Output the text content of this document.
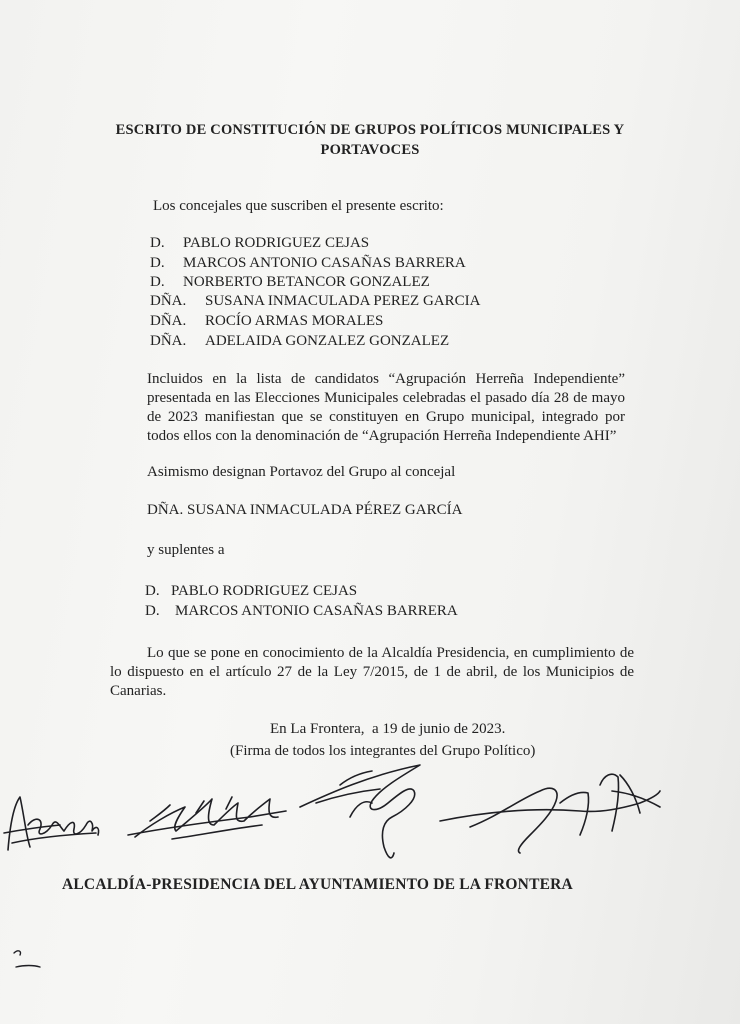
ESCRITO DE CONSTITUCIÓN DE GRUPOS POLÍTICOS MUNICIPALES Y
PORTAVOCES
Los concejales que suscriben el presente escrito:
D. PABLO RODRIGUEZ CEJAS
D. MARCOS ANTONIO CASAÑAS BARRERA
D. NORBERTO BETANCOR GONZALEZ
DÑA. SUSANA INMACULADA PEREZ GARCIA
DÑA. ROCÍO ARMAS MORALES
DÑA. ADELAIDA GONZALEZ GONZALEZ
Incluidos en la lista de candidatos “Agrupación Herreña Independiente” presentada en las Elecciones Municipales celebradas el pasado día 28 de mayo de 2023 manifiestan que se constituyen en Grupo municipal, integrado por todos ellos con la denominación de “Agrupación Herreña Independiente AHI”
Asimismo designan Portavoz del Grupo al concejal
DÑA. SUSANA INMACULADA PÉREZ GARCÍA
y suplentes a
D. PABLO RODRIGUEZ CEJAS
D. MARCOS ANTONIO CASAÑAS BARRERA
Lo que se pone en conocimiento de la Alcaldía Presidencia, en cumplimiento de lo dispuesto en el artículo 27 de la Ley 7/2015, de 1 de abril, de los Municipios de Canarias.
En La Frontera,  a 19 de junio de 2023.
(Firma de todos los integrantes del Grupo Político)
ALCALDÍA-PRESIDENCIA DEL AYUNTAMIENTO DE LA FRONTERA
